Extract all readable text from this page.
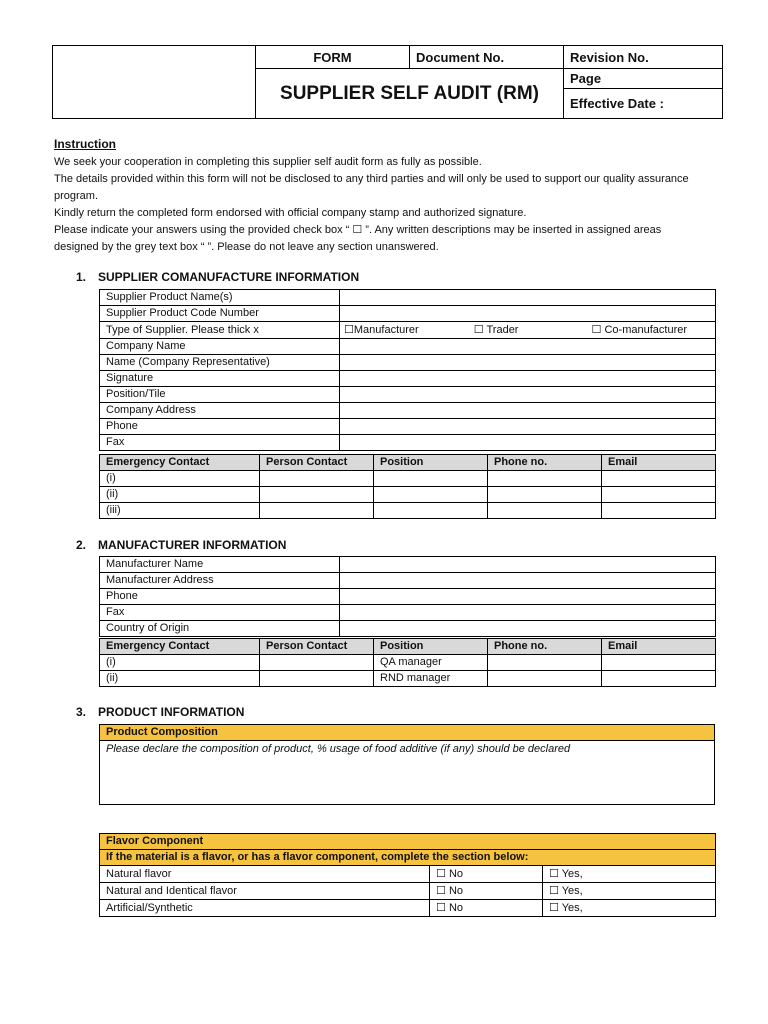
	FORM	Document No.	Revision No.
	SUPPLIER SELF AUDIT (RM)		Page
			Effective Date :
Instruction

We seek your cooperation in completing this supplier self audit form as fully as possible.

The details provided within this form will not be disclosed to any third parties and will only be used to support our quality assurance

program.

Kindly return the completed form endorsed with official company stamp and authorized signature.

Please indicate your answers using the provided check box “ ☐ ”. Any written descriptions may be inserted in assigned areas

designed by the grey text box “ ”. Please do not leave any section unanswered.

1. SUPPLIER COMANUFACTURE INFORMATION
Supplier Product Name(s)	
Supplier Product Code Number	
Type of Supplier. Please thick x	☐Manufacturer ☐ Trader ☐ Co-manufacturer
Company Name	
Name (Company Representative)	
Signature	
Position/Tile	
Company Address	
Phone	
Fax	
Emergency Contact	Person Contact	Position	Phone no.	Email
(i)				
(ii)				
(iii)				
2. MANUFACTURER INFORMATION
Manufacturer Name	
Manufacturer Address	
Phone	
Fax	
Country of Origin	
Emergency Contact	Person Contact	Position	Phone no.	Email
(i)		QA manager		
(ii)		RND manager		
3. PRODUCT INFORMATION
Product Composition
Please declare the composition of product, % usage of food additive (if any) should be declared
Flavor Component		
If the material is a flavor, or has a flavor component, complete the section below:		
Natural flavor	☐ No	☐ Yes,
Natural and Identical flavor	☐ No	☐ Yes,
Artificial/Synthetic	☐ No	☐ Yes,
